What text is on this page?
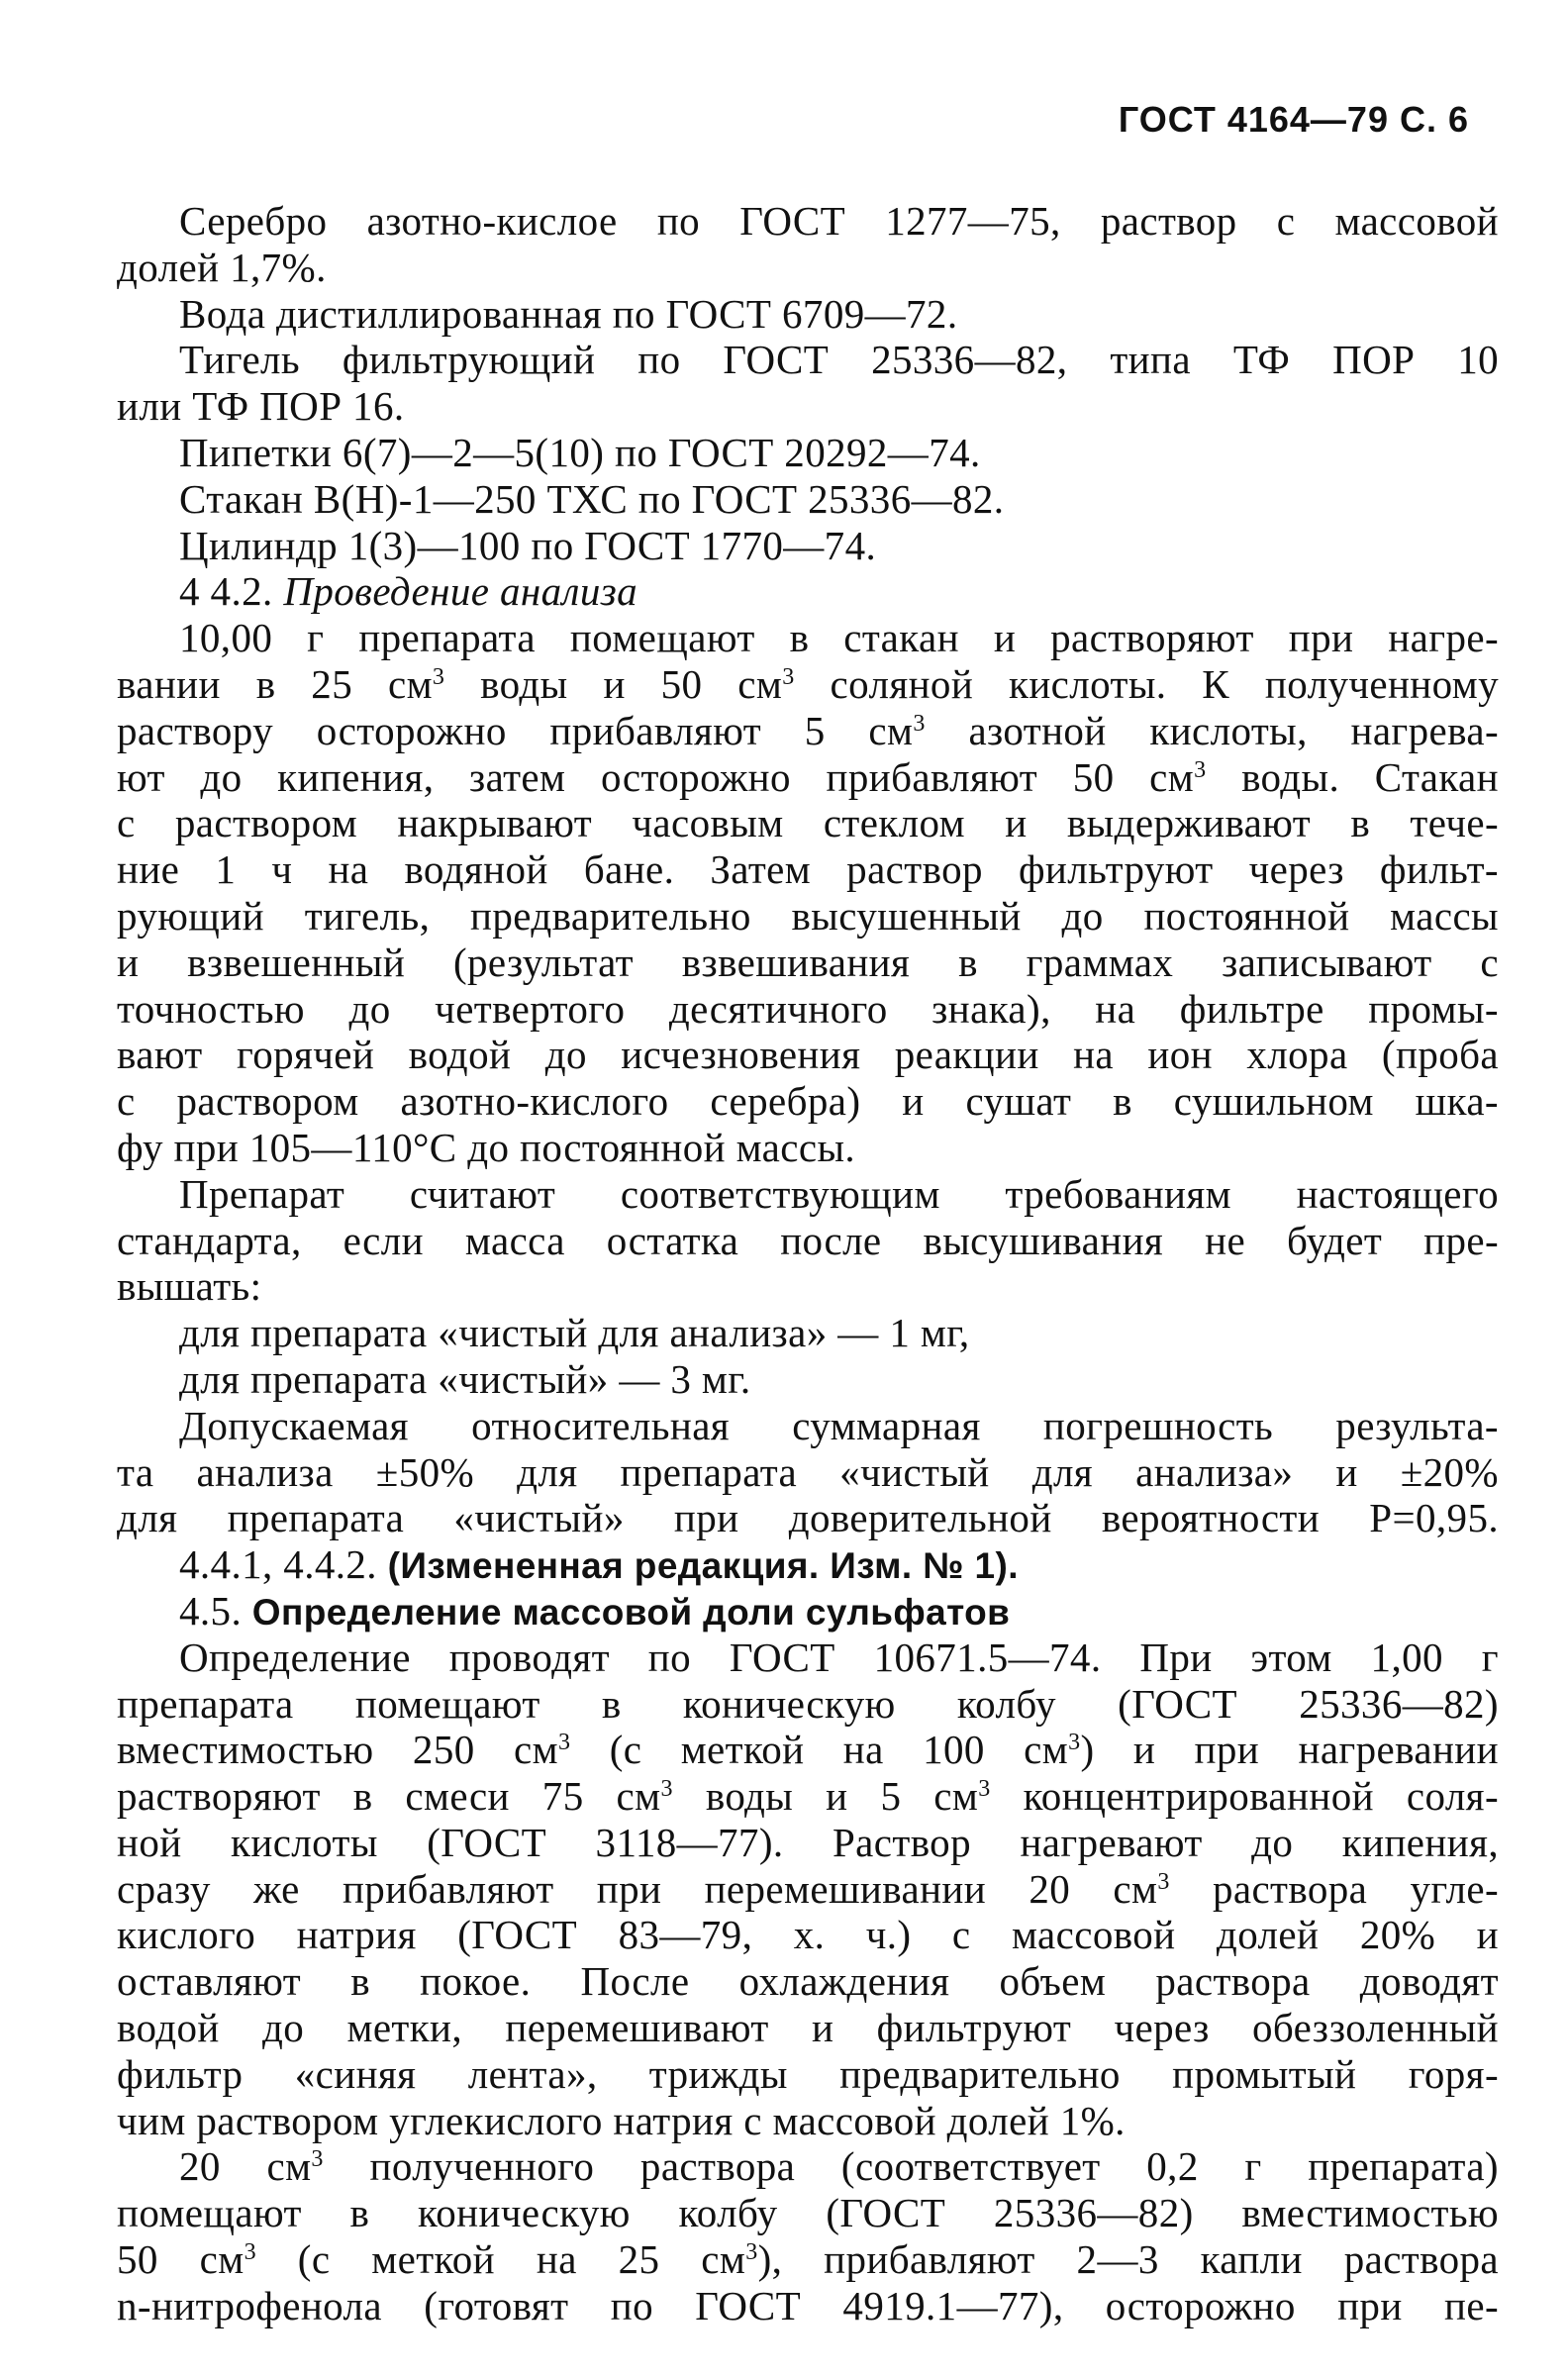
ГОСТ 4164—79 С. 6
Серебро азотно-кислое по ГОСТ 1277—75, раствор с массовой
долей 1,7%.
Вода дистиллированная по ГОСТ 6709—72.
Тигель фильтрующий по ГОСТ 25336—82, типа ТФ ПОР 10
или ТФ ПОР 16.
Пипетки 6(7)—2—5(10) по ГОСТ 20292—74.
Стакан В(Н)-1—250 ТХС по ГОСТ 25336—82.
Цилиндр 1(3)—100 по ГОСТ 1770—74.
4 4.2. Проведение анализа
10,00 г препарата помещают в стакан и растворяют при нагре-
вании в 25 $см^3$ воды и 50 $см^3$ соляной кислоты. К полученному
раствору осторожно прибавляют 5 $см^3$ азотной кислоты, нагрева-
ют до кипения, затем осторожно прибавляют 50 $см^3$ воды. Стакан
с раствором накрывают часовым стеклом и выдерживают в тече-
ние 1 ч на водяной бане. Затем раствор фильтруют через фильт-
рующий тигель, предварительно высушенный до постоянной массы
и взвешенный (результат взвешивания в граммах записывают с
точностью до четвертого десятичного знака), на фильтре промы-
вают горячей водой до исчезновения реакции на ион хлора (проба
с раствором азотно-кислого серебра) и сушат в сушильном шка-
фу при 105—110°С до постоянной массы.
Препарат считают соответствующим требованиям настоящего
стандарта, если масса остатка после высушивания не будет пре-
вышать:
для препарата «чистый для анализа» — 1 мг,
для препарата «чистый» — 3 мг.
Допускаемая относительная суммарная погрешность результа-
та анализа ±50% для препарата «чистый для анализа» и ±20%
для препарата «чистый» при доверительной вероятности Р=0,95.
4.4.1, 4.4.2. (Измененная редакция. Изм. № 1).
4.5. Определение массовой доли сульфатов
Определение проводят по ГОСТ 10671.5—74. При этом 1,00 г
препарата помещают в коническую колбу (ГОСТ 25336—82)
вместимостью 250 $см^3$ (с меткой на 100 $см^3$) и при нагревании
растворяют в смеси 75 $см^3$ воды и 5 $см^3$ концентрированной соля-
ной кислоты (ГОСТ 3118—77). Раствор нагревают до кипения,
сразу же прибавляют при перемешивании 20 $см^3$ раствора угле-
кислого натрия (ГОСТ 83—79, х. ч.) с массовой долей 20% и
оставляют в покое. После охлаждения объем раствора доводят
водой до метки, перемешивают и фильтруют через обеззоленный
фильтр «синяя лента», трижды предварительно промытый горя-
чим раствором углекислого натрия с массовой долей 1%.
20 $см^3$ полученного раствора (соответствует 0,2 г препарата)
помещают в коническую колбу (ГОСТ 25336—82) вместимостью
50 $см^3$ (с меткой на 25 $см^3$), прибавляют 2—3 капли раствора
n-нитрофенола (готовят по ГОСТ 4919.1—77), осторожно при пе-
